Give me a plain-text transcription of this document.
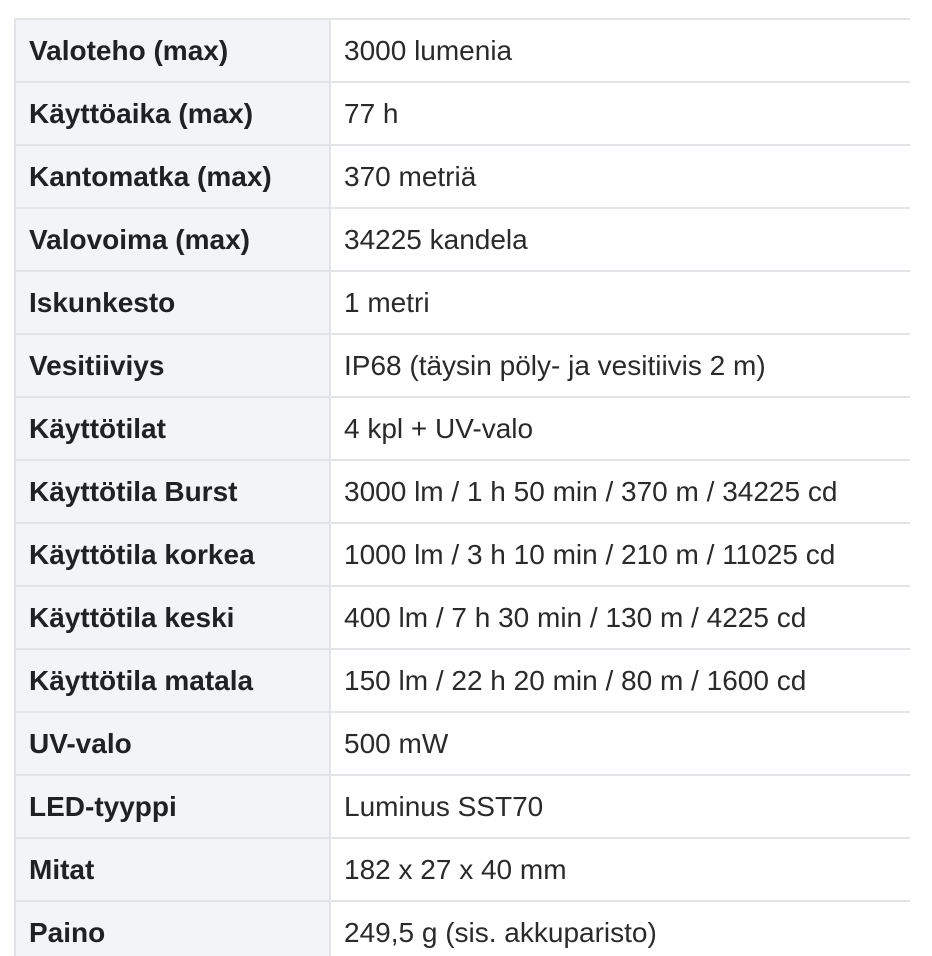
Valoteho (max)	3000 lumenia
Käyttöaika (max)	77 h
Kantomatka (max)	370 metriä
Valovoima (max)	34225 kandela
Iskunkesto	1 metri
Vesitiiviys	IP68 (täysin pöly- ja vesitiivis 2 m)
Käyttötilat	4 kpl + UV-valo
Käyttötila Burst	3000 lm / 1 h 50 min / 370 m / 34225 cd
Käyttötila korkea	1000 lm / 3 h 10 min / 210 m / 11025 cd
Käyttötila keski	400 lm / 7 h 30 min / 130 m / 4225 cd
Käyttötila matala	150 lm / 22 h 20 min / 80 m / 1600 cd
UV-valo	500 mW
LED-tyyppi	Luminus SST70
Mitat	182 x 27 x 40 mm
Paino	249,5 g (sis. akkuparisto)
